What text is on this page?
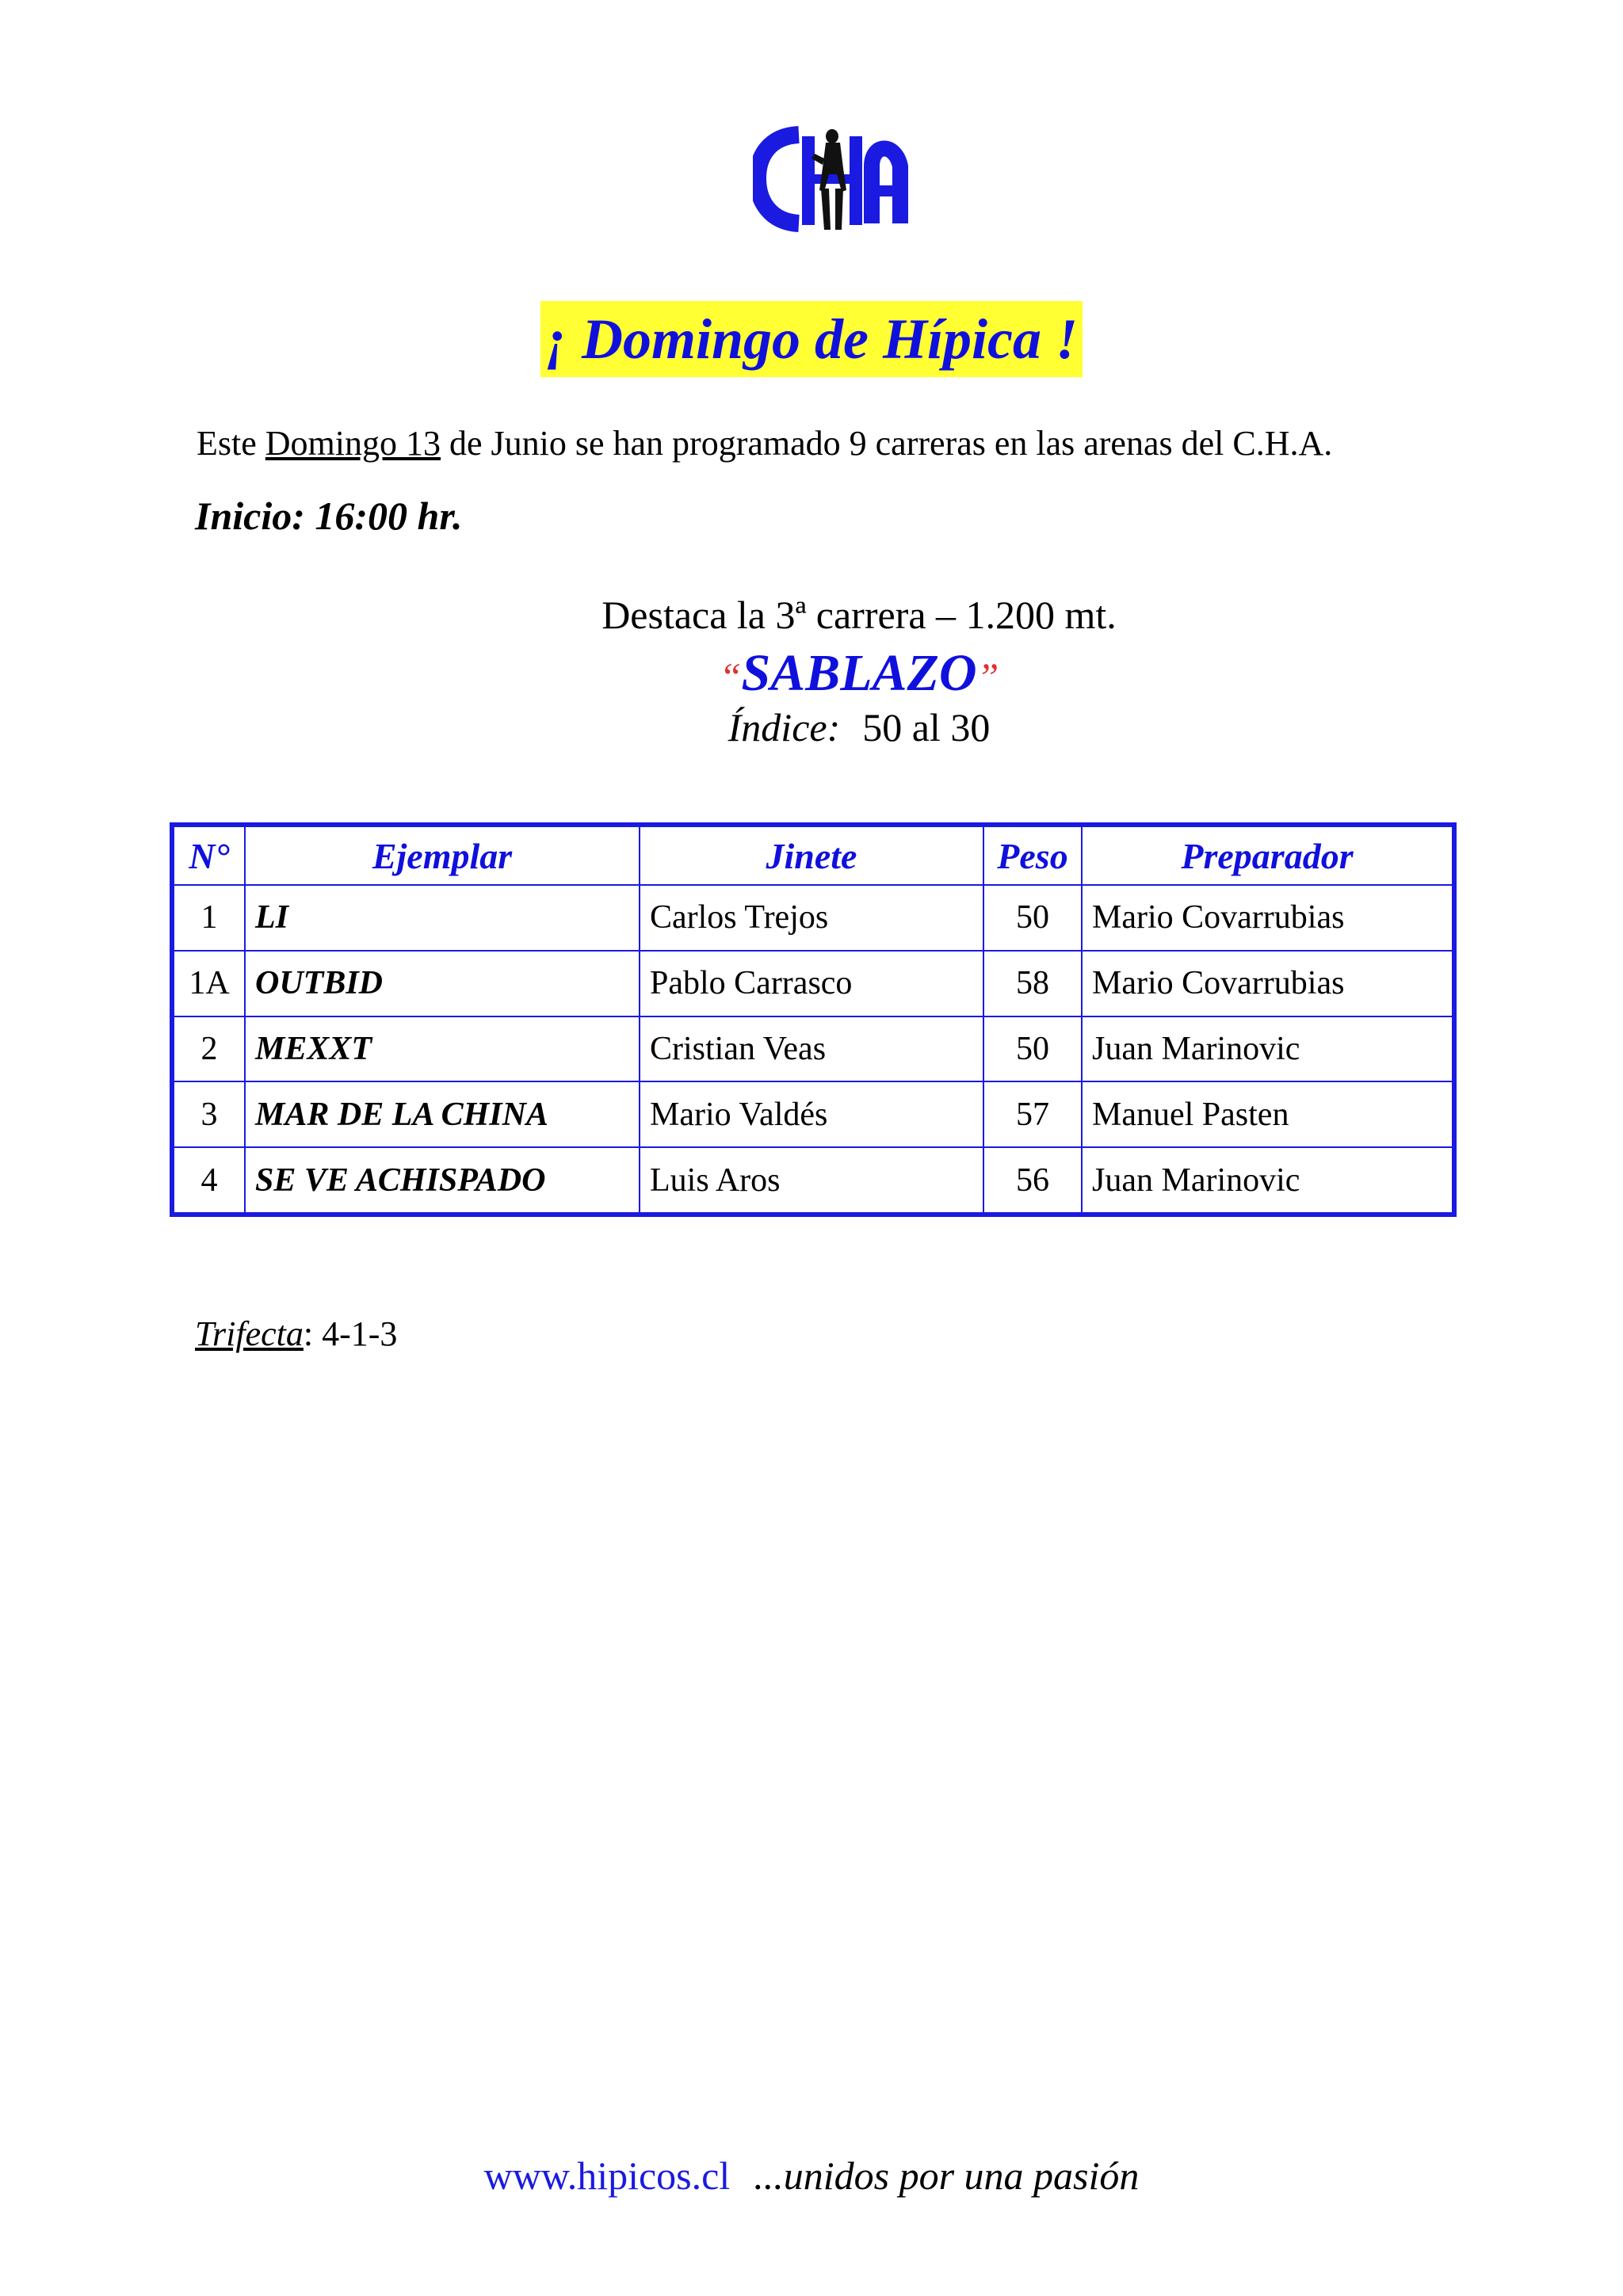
¡ Domingo de Hípica !
Este Domingo 13 de Junio se han programado 9 carreras en las arenas del C.H.A.
Inicio: 16:00 hr.
Destaca la 3ª carrera – 1.200 mt.
“SABLAZO”
Índice: 50 al 30
N°	Ejemplar	Jinete	Peso	Preparador
1	LI	Carlos Trejos	50	Mario Covarrubias
1A	OUTBID	Pablo Carrasco	58	Mario Covarrubias
2	MEXXT	Cristian Veas	50	Juan Marinovic
3	MAR DE LA CHINA	Mario Valdés	57	Manuel Pasten
4	SE VE ACHISPADO	Luis Aros	56	Juan Marinovic
Trifecta: 4-1-3
www.hipicos.cl ...unidos por una pasión
